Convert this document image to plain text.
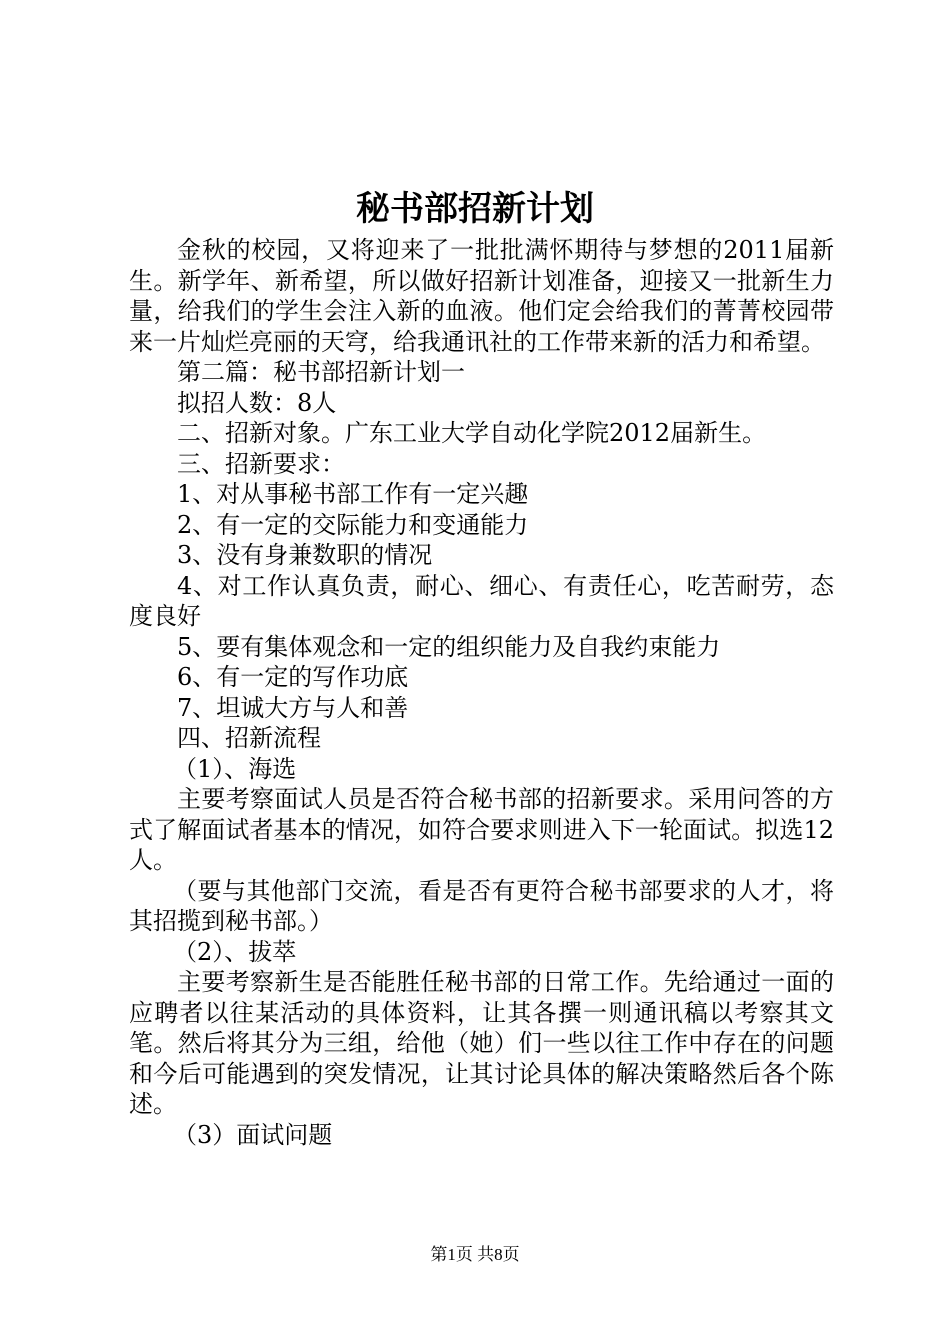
秘书部招新计划

金秋的校园，又将迎来了一批批满怀期待与梦想的2011届新生。新学年、新希望，所以做好招新计划准备，迎接又一批新生力量，给我们的学生会注入新的血液。他们定会给我们的菁菁校园带来一片灿烂亮丽的天穹，给我通讯社的工作带来新的活力和希望。

第二篇：秘书部招新计划一

拟招人数：8人

二、招新对象。广东工业大学自动化学院2012届新生。

三、招新要求：

1、对从事秘书部工作有一定兴趣

2、有一定的交际能力和变通能力

3、没有身兼数职的情况

4、对工作认真负责，耐心、细心、有责任心，吃苦耐劳，态度良好

5、要有集体观念和一定的组织能力及自我约束能力

6、有一定的写作功底

7、坦诚大方与人和善

四、招新流程

（1）、海选

主要考察面试人员是否符合秘书部的招新要求。采用问答的方式了解面试者基本的情况，如符合要求则进入下一轮面试。拟选12人。

（要与其他部门交流，看是否有更符合秘书部要求的人才，将其招揽到秘书部。）

（2）、拔萃

主要考察新生是否能胜任秘书部的日常工作。先给通过一面的应聘者以往某活动的具体资料，让其各撰一则通讯稿以考察其文笔。然后将其分为三组，给他（她）们一些以往工作中存在的问题和今后可能遇到的突发情况，让其讨论具体的解决策略然后各个陈述。

（3）面试问题

第1页 共8页
